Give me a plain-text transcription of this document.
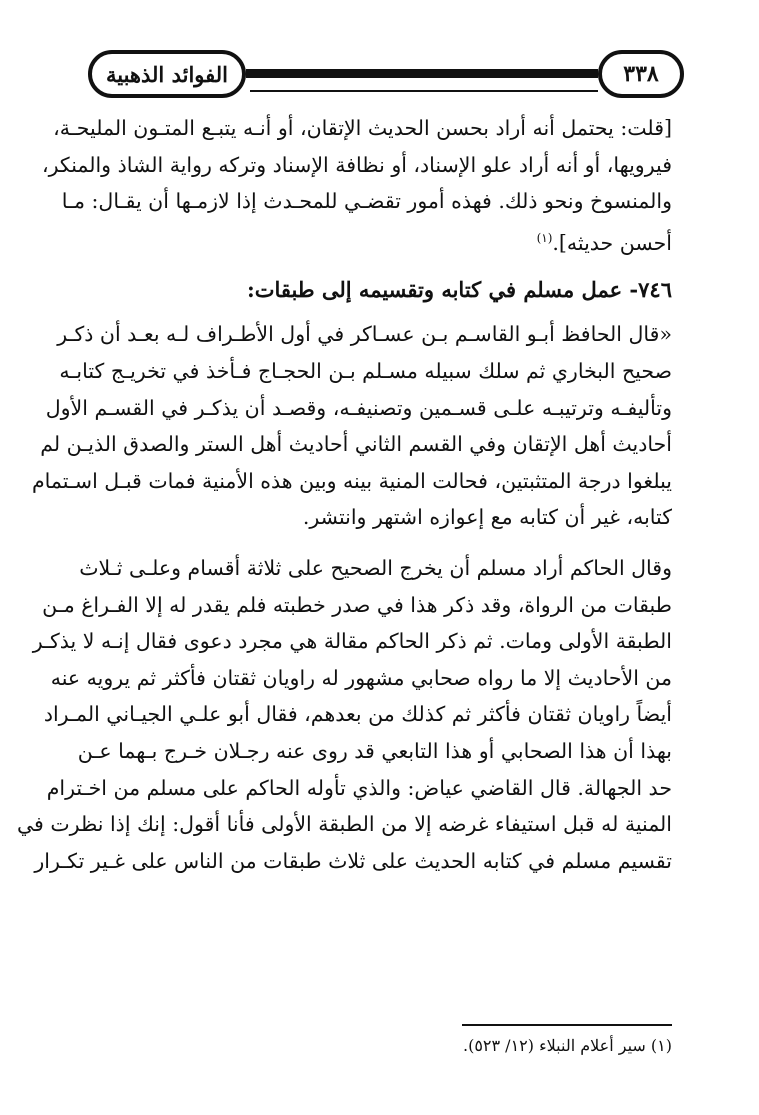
الفوائد الذهبية	٣٣٨

[قلت: يحتمل أنه أراد بحسن الحديث الإتقان، أو أنـه يتبـع المتـون المليحـة،
فيرويها، أو أنه أراد علو الإسناد، أو نظافة الإسناد وتركه رواية الشاذ والمنكر،
والمنسوخ ونحو ذلك. فهذه أمور تقضـي للمحـدث إذا لازمـها أن يقـال: مـا
أحسن حديثه].$^{(١)}$

٧٤٦- عمل مسلم في كتابه وتقسيمه إلى طبقات:

«قال الحافظ أبـو القاسـم بـن عسـاكر في أول الأطـراف لـه بعـد أن ذكـر
صحيح البخاري ثم سلك سبيله مسـلم بـن الحجـاج فـأخذ في تخريـج كتابـه
وتأليفـه وترتيبـه علـى قسـمين وتصنيفـه، وقصـد أن يذكـر في القسـم الأول
أحاديث أهل الإتقان وفي القسم الثاني أحاديث أهل الستر والصدق الذيـن لم
يبلغوا درجة المتثبتين، فحالت المنية بينه وبين هذه الأمنية فمات قبـل اسـتمام
كتابه، غير أن كتابه مع إعوازه اشتهر وانتشر.

وقال الحاكم أراد مسلم أن يخرج الصحيح على ثلاثة أقسام وعلـى ثـلاث
طبقات من الرواة، وقد ذكر هذا في صدر خطبته فلم يقدر له إلا الفـراغ مـن
الطبقة الأولى ومات. ثم ذكر الحاكم مقالة هي مجرد دعوى فقال إنـه لا يذكـر
من الأحاديث إلا ما رواه صحابي مشهور له راويان ثقتان فأكثر ثم يرويه عنه
أيضاً راويان ثقتان فأكثر ثم كذلك من بعدهم، فقال أبو علـي الجيـاني المـراد
بهذا أن هذا الصحابي أو هذا التابعي قد روى عنه رجـلان خـرج بـهما عـن
حد الجهالة. قال القاضي عياض: والذي تأوله الحاكم على مسلم من اخـترام
المنية له قبل استيفاء غرضه إلا من الطبقة الأولى فأنا أقول: إنك إذا نظرت في
تقسيم مسلم في كتابه الحديث على ثلاث طبقات من الناس على غـير تكـرار

(١) سير أعلام النبلاء (١٢/ ٥٢٣).
